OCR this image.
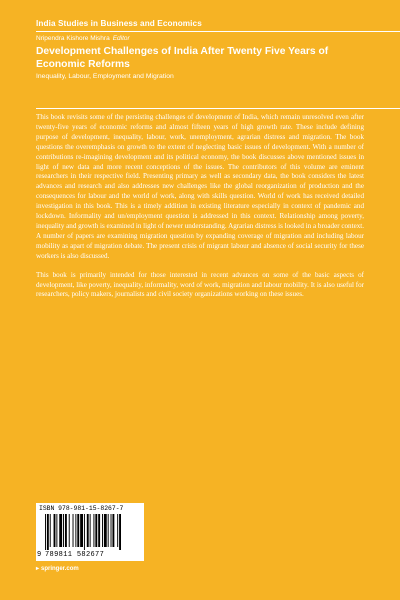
India Studies in Business and Economics
Nripendra Kishore Mishra Editor
Development Challenges of India After Twenty Five Years of Economic Reforms
Inequality, Labour, Employment and Migration

This book revisits some of the persisting challenges of development of India, which remain unresolved even after twenty-five years of economic reforms and almost fifteen years of high growth rate. These include defining purpose of development, inequality, labour, work, unemployment, agrarian distress and migration. The book questions the overemphasis on growth to the extent of neglecting basic issues of development. With a number of contributions re-imagining development and its political economy, the book discusses above mentioned issues in light of new data and more recent conceptions of the issues. The contributors of this volume are eminent researchers in their respective field. Presenting primary as well as secondary data, the book considers the latest advances and research and also addresses new challenges like the global reorganization of production and the consequences for labour and the world of work, along with skills question. World of work has received detailed investigation in this book. This is a timely addition in existing literature especially in context of pandemic and lockdown. Informality and un/employment question is addressed in this context. Relationship among poverty, inequality and growth is examined in light of newer understanding. Agrarian distress is looked in a broader context. A number of papers are examining migration question by expanding coverage of migration and including labour mobility as apart of migration debate. The present crisis of migrant labour and absence of social security for these workers is also discussed.

This book is primarily intended for those interested in recent advances on some of the basic aspects of development, like poverty, inequality, informality, word of work, migration and labour mobility. It is also useful for researchers, policy makers, journalists and civil society organizations working on these issues.

ISBN 978-981-15-8267-7
9 789811 582677
▸ springer.com
